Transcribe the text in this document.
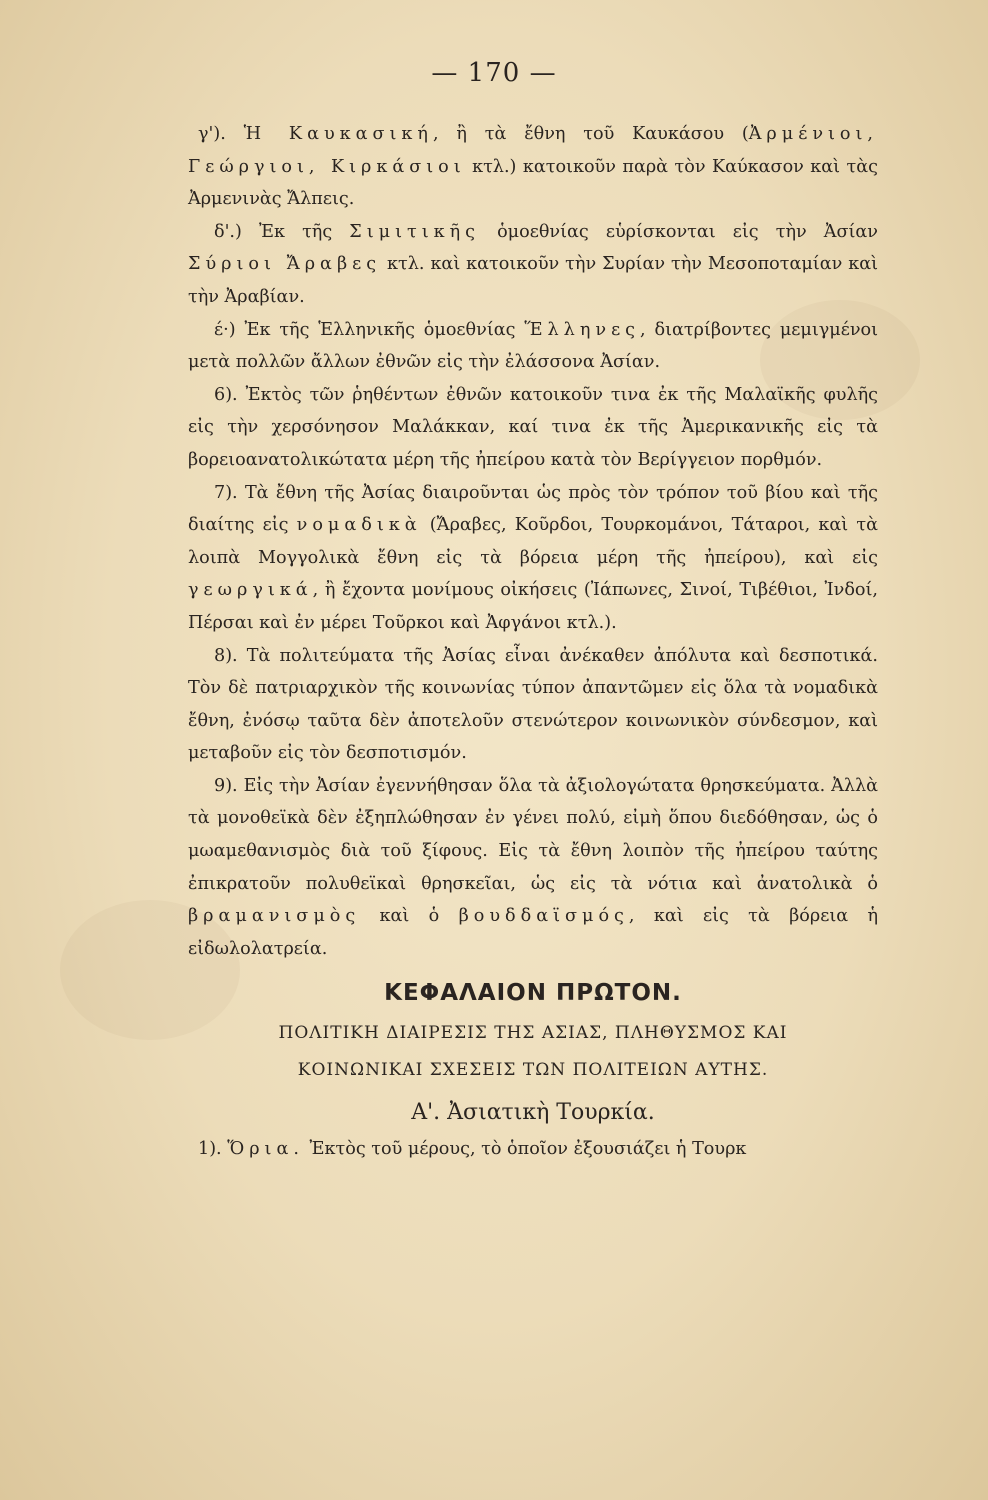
— 170 —

γ'). Ἡ Καυκασική, ἢ τὰ ἔθνη τοῦ Καυκάσου (Ἀρμένιοι, Γεώργιοι, Κιρκάσιοι κτλ.) κατοικοῦν παρὰ τὸν Καύκασον καὶ τὰς Ἀρμενινὰς Ἄλπεις.

δ'.) Ἐκ τῆς Σιμιτικῆς ὁμοεθνίας εὑρίσκονται εἰς τὴν Ἀσίαν Σύριοι Ἄραβες κτλ. καὶ κατοικοῦν τὴν Συρίαν τὴν Μεσοποταμίαν καὶ τὴν Ἀραβίαν.

έ·) Ἐκ τῆς Ἑλληνικῆς ὁμοεθνίας Ἕλληνες, διατρίβοντες μεμιγμένοι μετὰ πολλῶν ἄλλων ἐθνῶν εἰς τὴν ἐλάσσονα Ἀσίαν.

6). Ἐκτὸς τῶν ῥηθέντων ἐθνῶν κατοικοῦν τινα ἐκ τῆς Μαλαϊκῆς φυλῆς εἰς τὴν χερσόνησον Μαλάκκαν, καί τινα ἐκ τῆς Ἀμερικανικῆς εἰς τὰ βορειοανατολικώτατα μέρη τῆς ἠπείρου κατὰ τὸν Βερίγγειον πορθμόν.

7). Τὰ ἔθνη τῆς Ἀσίας διαιροῦνται ὡς πρὸς τὸν τρόπον τοῦ βίου καὶ τῆς διαίτης εἰς νομαδικὰ (Ἄραβες, Κοῦρδοι, Τουρκομάνοι, Τάταροι, καὶ τὰ λοιπὰ Μογγολικὰ ἔθνη εἰς τὰ βόρεια μέρη τῆς ἠπείρου), καὶ εἰς γεωργικά, ἢ ἔχοντα μονίμους οἰκήσεις (Ἰάπωνες, Σινοί, Τιβέθιοι, Ἰνδοί, Πέρσαι καὶ ἐν μέρει Τοῦρκοι καὶ Ἀφγάνοι κτλ.).

8). Τὰ πολιτεύματα τῆς Ἀσίας εἶναι ἀνέκαθεν ἀπόλυτα καὶ δεσποτικά. Τὸν δὲ πατριαρχικὸν τῆς κοινωνίας τύπον ἀπαντῶμεν εἰς ὅλα τὰ νομαδικὰ ἔθνη, ἐνόσῳ ταῦτα δὲν ἀποτελοῦν στενώτερον κοινωνικὸν σύνδεσμον, καὶ μεταβοῦν εἰς τὸν δεσποτισμόν.

9). Εἰς τὴν Ἀσίαν ἐγεννήθησαν ὅλα τὰ ἀξιολογώτατα θρησκεύματα. Ἀλλὰ τὰ μονοθεϊκὰ δὲν ἐξηπλώθησαν ἐν γένει πολύ, εἰμὴ ὅπου διεδόθησαν, ὡς ὁ μωαμεθανισμὸς διὰ τοῦ ξίφους. Εἰς τὰ ἔθνη λοιπὸν τῆς ἠπείρου ταύτης ἐπικρατοῦν πολυθεϊκαὶ θρησκεῖαι, ὡς εἰς τὰ νότια καὶ ἀνατολικὰ ὁ βραμανισμὸς καὶ ὁ βουδδαϊσμός, καὶ εἰς τὰ βόρεια ἡ εἰδωλολατρεία.

ΚΕΦΑΛΑΙΟΝ ΠΡΩΤΟΝ.
ΠΟΛΙΤΙΚΗ ΔΙΑΙΡΕΣΙΣ ΤΗΣ ΑΣΙΑΣ, ΠΛΗΘΥΣΜΟΣ ΚΑΙ
ΚΟΙΝΩΝΙΚΑΙ ΣΧΕΣΕΙΣ ΤΩΝ ΠΟΛΙΤΕΙΩΝ ΑΥΤΗΣ.
Α'. Ἀσιατικὴ Τουρκία.

1). Ὅρια. Ἐκτὸς τοῦ μέρους, τὸ ὁποῖον ἐξουσιάζει ἡ Τουρκ
